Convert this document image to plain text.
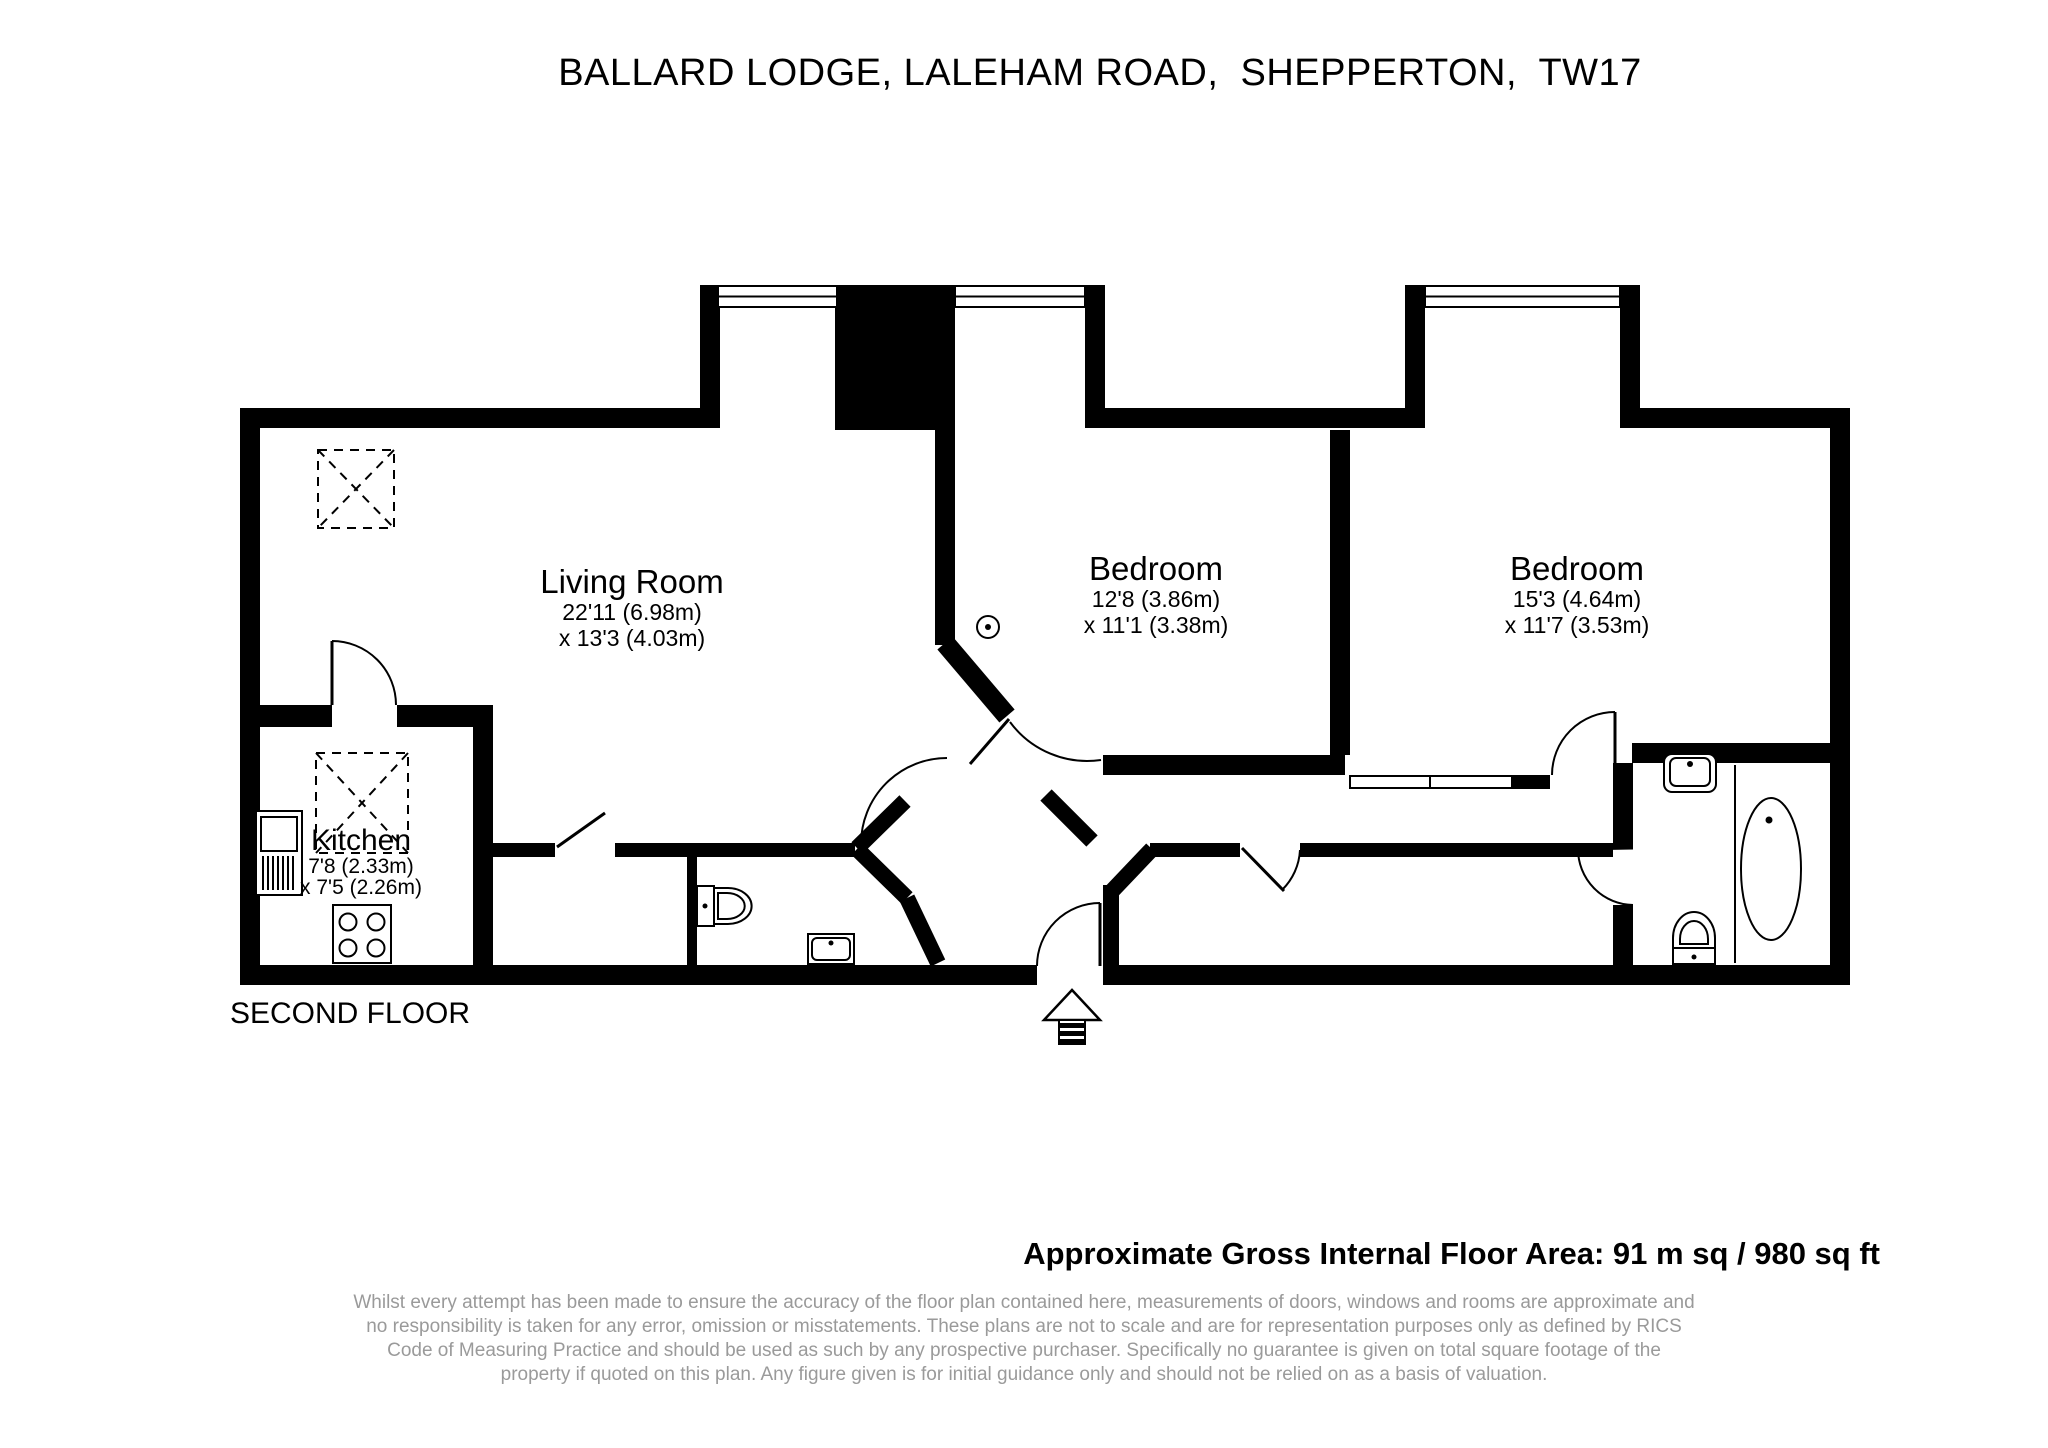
BALLARD LODGE, LALEHAM ROAD,  SHEPPERTON,  TW17
Living Room
22'11 (6.98m)
x 13'3 (4.03m)
Bedroom
12'8 (3.86m)
x 11'1 (3.38m)
Bedroom
15'3 (4.64m)
x 11'7 (3.53m)
Kitchen
7'8 (2.33m)
x 7'5 (2.26m)
SECOND FLOOR
Approximate Gross Internal Floor Area: 91 m sq / 980 sq ft
Whilst every attempt has been made to ensure the accuracy of the floor plan contained here, measurements of doors, windows and rooms are approximate and
no responsibility is taken for any error, omission or misstatements. These plans are not to scale and are for representation purposes only as defined by RICS
Code of Measuring Practice and should be used as such by any prospective purchaser. Specifically no guarantee is given on total square footage of the
property if quoted on this plan. Any figure given is for initial guidance only and should not be relied on as a basis of valuation.
